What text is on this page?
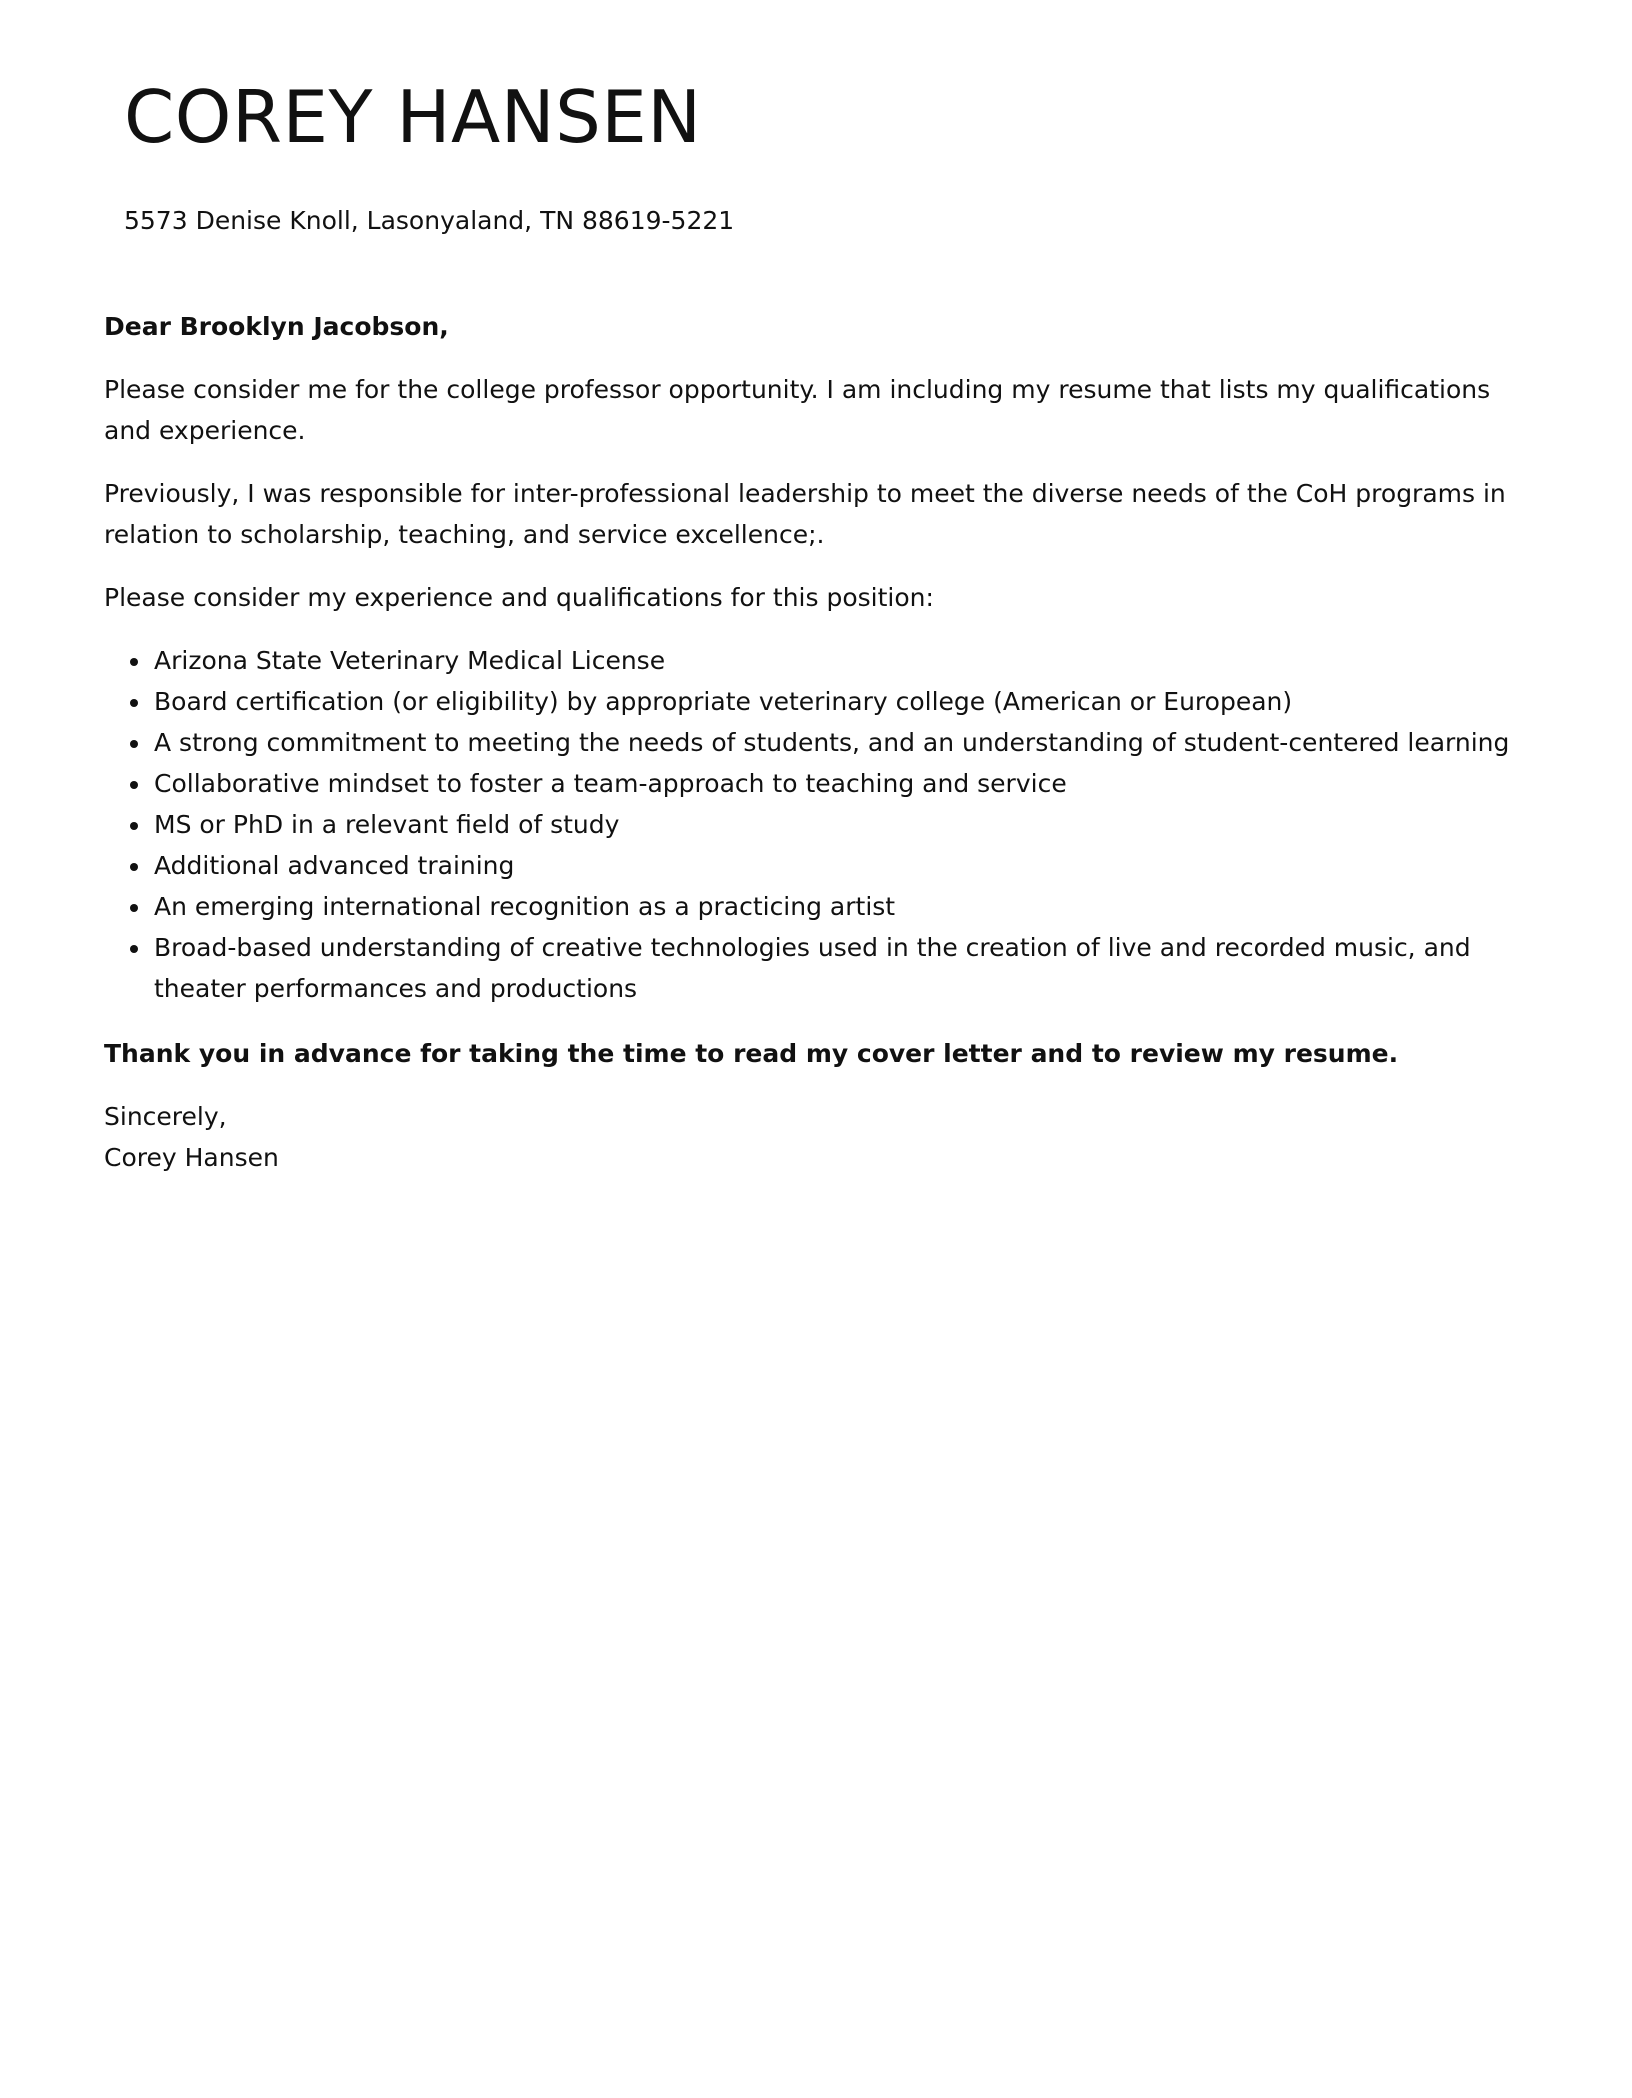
COREY HANSEN

5573 Denise Knoll, Lasonyaland, TN 88619-5221

Dear Brooklyn Jacobson,

Please consider me for the college professor opportunity. I am including my resume that lists my qualifications and experience.

Previously, I was responsible for inter-professional leadership to meet the diverse needs of the CoH programs in relation to scholarship, teaching, and service excellence;.

Please consider my experience and qualifications for this position:

• Arizona State Veterinary Medical License
• Board certification (or eligibility) by appropriate veterinary college (American or European)
• A strong commitment to meeting the needs of students, and an understanding of student-centered learning
• Collaborative mindset to foster a team-approach to teaching and service
• MS or PhD in a relevant field of study
• Additional advanced training
• An emerging international recognition as a practicing artist
• Broad-based understanding of creative technologies used in the creation of live and recorded music, and theater performances and productions

Thank you in advance for taking the time to read my cover letter and to review my resume.

Sincerely,
Corey Hansen
